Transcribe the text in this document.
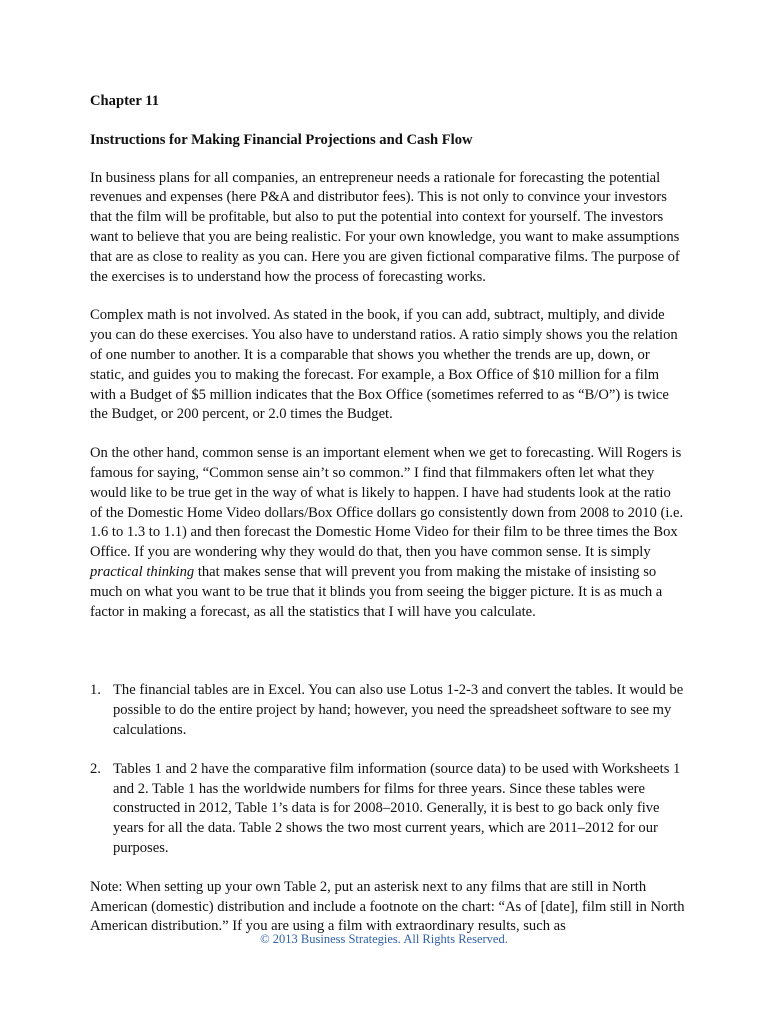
Chapter 11
Instructions for Making Financial Projections and Cash Flow

In business plans for all companies, an entrepreneur needs a rationale for forecasting the potential revenues and expenses (here P&A and distributor fees). This is not only to convince your investors that the film will be profitable, but also to put the potential into context for yourself. The investors want to believe that you are being realistic. For your own knowledge, you want to make assumptions that are as close to reality as you can. Here you are given fictional comparative films. The purpose of the exercises is to understand how the process of forecasting works.

Complex math is not involved. As stated in the book, if you can add, subtract, multiply, and divide you can do these exercises. You also have to understand ratios. A ratio simply shows you the relation of one number to another. It is a comparable that shows you whether the trends are up, down, or static, and guides you to making the forecast. For example, a Box Office of $10 million for a film with a Budget of $5 million indicates that the Box Office (sometimes referred to as “B/O”) is twice the Budget, or 200 percent, or 2.0 times the Budget.

On the other hand, common sense is an important element when we get to forecasting. Will Rogers is famous for saying, “Common sense ain’t so common.” I find that filmmakers often let what they would like to be true get in the way of what is likely to happen. I have had students look at the ratio of the Domestic Home Video dollars/Box Office dollars go consistently down from 2008 to 2010 (i.e. 1.6 to 1.3 to 1.1) and then forecast the Domestic Home Video for their film to be three times the Box Office. If you are wondering why they would do that, then you have common sense. It is simply practical thinking that makes sense that will prevent you from making the mistake of insisting so much on what you want to be true that it blinds you from seeing the bigger picture. It is as much a factor in making a forecast, as all the statistics that I will have you calculate.

1. The financial tables are in Excel. You can also use Lotus 1-2-3 and convert the tables. It would be possible to do the entire project by hand; however, you need the spreadsheet software to see my calculations.
2. Tables 1 and 2 have the comparative film information (source data) to be used with Worksheets 1 and 2. Table 1 has the worldwide numbers for films for three years. Since these tables were constructed in 2012, Table 1’s data is for 2008–2010. Generally, it is best to go back only five years for all the data. Table 2 shows the two most current years, which are 2011–2012 for our purposes.

Note: When setting up your own Table 2, put an asterisk next to any films that are still in North American (domestic) distribution and include a footnote on the chart: “As of [date], film still in North American distribution.” If you are using a film with extraordinary results, such as

© 2013 Business Strategies. All Rights Reserved.
